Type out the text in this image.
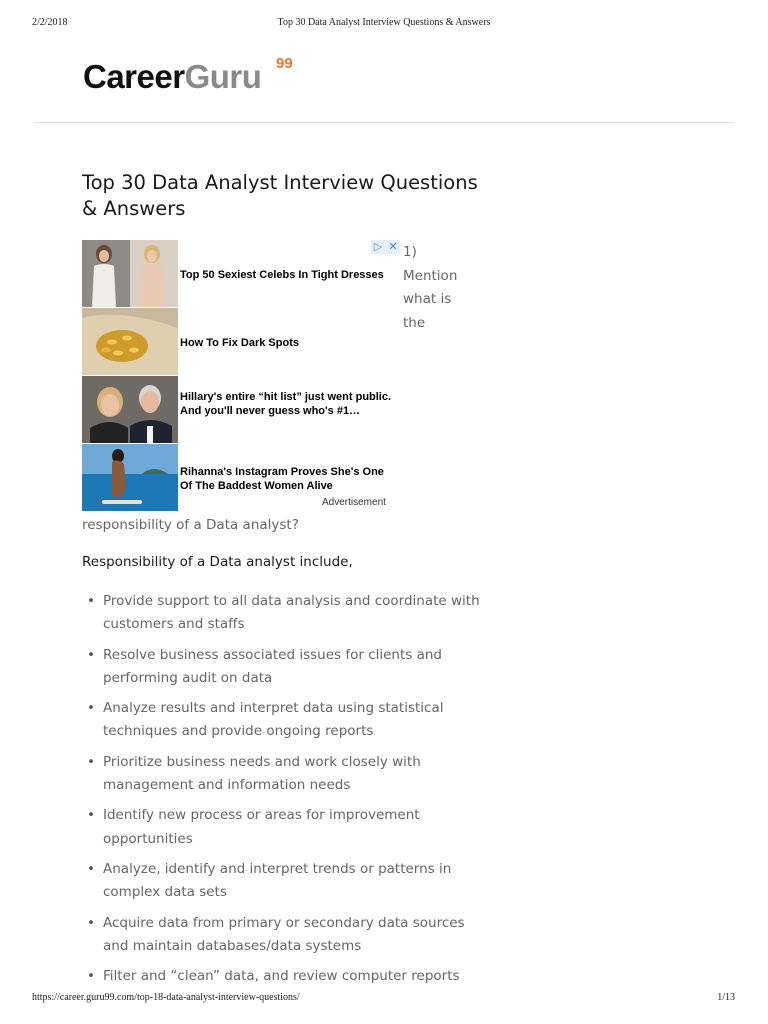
2/2/2018	Top 30 Data Analyst Interview Questions & Answers
CareerGuru 99
Top 30 Data Analyst Interview Questions & Answers
▷ ✕
Top 50 Sexiest Celebs In Tight Dresses
How To Fix Dark Spots
Hillary's entire “hit list” just went public. And you'll never guess who's #1…
Rihanna's Instagram Proves She's One Of The Baddest Women Alive
Advertisement
1)
Mention
what is
the
responsibility of a Data analyst?
Responsibility of a Data analyst include,
• Provide support to all data analysis and coordinate with customers and staffs
• Resolve business associated issues for clients and performing audit on data
• Analyze results and interpret data using statistical techniques and provide ongoing reports
• Prioritize business needs and work closely with management and information needs
• Identify new process or areas for improvement opportunities
• Analyze, identify and interpret trends or patterns in complex data sets
• Acquire data from primary or secondary data sources and maintain databases/data systems
• Filter and “clean” data, and review computer reports
https://career.guru99.com/top-18-data-analyst-interview-questions/	1/13
